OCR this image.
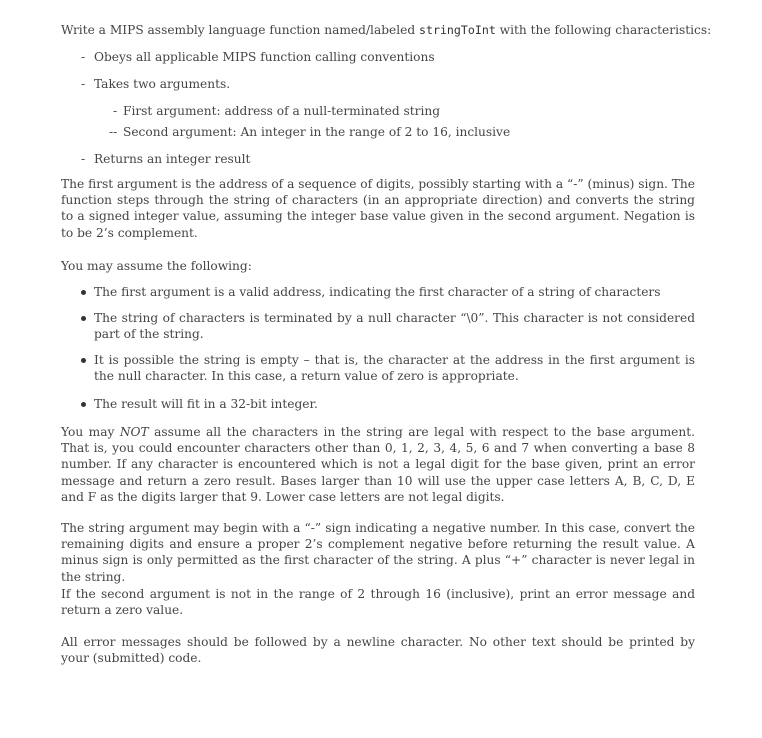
Write a MIPS assembly language function named/labeled stringToInt with the following characteristics:
- Obeys all applicable MIPS function calling conventions
- Takes two arguments.
- First argument: address of a null-terminated string
-- Second argument: An integer in the range of 2 to 16, inclusive
- Returns an integer result
The first argument is the address of a sequence of digits, possibly starting with a “-” (minus) sign. The function steps through the string of characters (in an appropriate direction) and converts the string to a signed integer value, assuming the integer base value given in the second argument. Negation is to be 2’s complement.
You may assume the following:
The first argument is a valid address, indicating the first character of a string of characters
The string of characters is terminated by a null character “\0”. This character is not considered part of the string.
It is possible the string is empty – that is, the character at the address in the first argument is the null character. In this case, a return value of zero is appropriate.
The result will fit in a 32-bit integer.
You may NOT assume all the characters in the string are legal with respect to the base argument. That is, you could encounter characters other than 0, 1, 2, 3, 4, 5, 6 and 7 when converting a base 8 number. If any character is encountered which is not a legal digit for the base given, print an error message and return a zero result. Bases larger than 10 will use the upper case letters A, B, C, D, E and F as the digits larger that 9. Lower case letters are not legal digits.
The string argument may begin with a “-” sign indicating a negative number. In this case, convert the remaining digits and ensure a proper 2’s complement negative before returning the result value. A minus sign is only permitted as the first character of the string. A plus “+” character is never legal in the string.
If the second argument is not in the range of 2 through 16 (inclusive), print an error message and return a zero value.
All error messages should be followed by a newline character. No other text should be printed by your (submitted) code.
